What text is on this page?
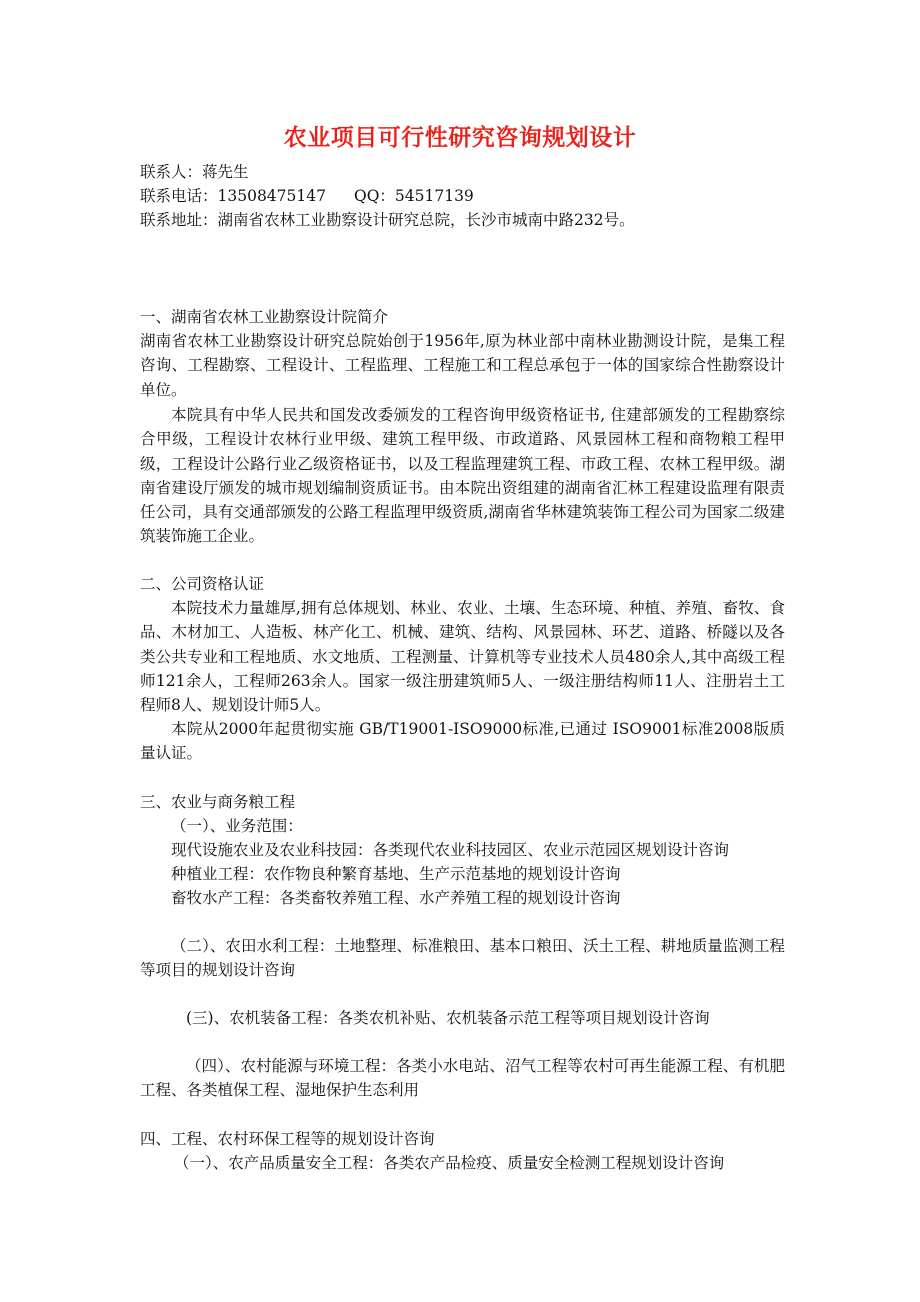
农业项目可行性研究咨询规划设计
联系人：蒋先生
联系电话：13508475147 QQ：54517139
联系地址：湖南省农林工业勘察设计研究总院，长沙市城南中路232号。
一、湖南省农林工业勘察设计院简介
湖南省农林工业勘察设计研究总院始创于1956年,原为林业部中南林业勘测设计院，是集工程咨询、工程勘察、工程设计、工程监理、工程施工和工程总承包于一体的国家综合性勘察设计单位。
本院具有中华人民共和国发改委颁发的工程咨询甲级资格证书, 住建部颁发的工程勘察综合甲级，工程设计农林行业甲级、建筑工程甲级、市政道路、风景园林工程和商物粮工程甲级，工程设计公路行业乙级资格证书，以及工程监理建筑工程、市政工程、农林工程甲级。湖南省建设厅颁发的城市规划编制资质证书。由本院出资组建的湖南省汇林工程建设监理有限责任公司，具有交通部颁发的公路工程监理甲级资质,湖南省华林建筑装饰工程公司为国家二级建筑装饰施工企业。
二、公司资格认证
本院技术力量雄厚,拥有总体规划、林业、农业、土壤、生态环境、种植、养殖、畜牧、食品、木材加工、人造板、林产化工、机械、建筑、结构、风景园林、环艺、道路、桥隧以及各类公共专业和工程地质、水文地质、工程测量、计算机等专业技术人员480余人,其中高级工程师121余人，工程师263余人。国家一级注册建筑师5人、一级注册结构师11人、注册岩土工程师8人、规划设计师5人。
本院从2000年起贯彻实施 GB/T19001-ISO9000标准,已通过 ISO9001标准2008版质量认证。
三、农业与商务粮工程
（一）、业务范围：
现代设施农业及农业科技园：各类现代农业科技园区、农业示范园区规划设计咨询
种植业工程：农作物良种繁育基地、生产示范基地的规划设计咨询
畜牧水产工程：各类畜牧养殖工程、水产养殖工程的规划设计咨询
（二）、农田水利工程：土地整理、标准粮田、基本口粮田、沃土工程、耕地质量监测工程等项目的规划设计咨询
(三)、农机装备工程：各类农机补贴、农机装备示范工程等项目规划设计咨询
（四）、农村能源与环境工程：各类小水电站、沼气工程等农村可再生能源工程、有机肥工程、各类植保工程、湿地保护生态利用
四、工程、农村环保工程等的规划设计咨询
（一）、农产品质量安全工程：各类农产品检疫、质量安全检测工程规划设计咨询
